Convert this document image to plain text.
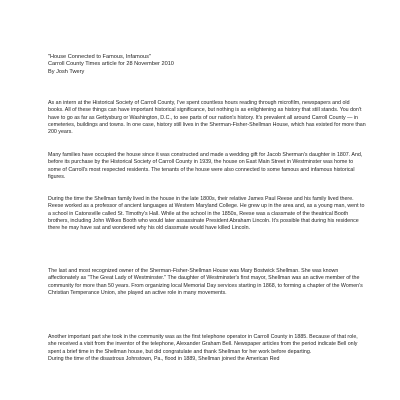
"House Connected to Famous, Infamous"
Carroll County Times article for 28 November 2010
By Josh Twery

As an intern at the Historical Society of Carroll County, I've spent countless hours reading through microfilm, newspapers and old books. All of these things can have important historical significance, but nothing is as enlightening as history that still stands. You don't have to go as far as Gettysburg or Washington, D.C., to see parts of our nation's history. It's prevalent all around Carroll County — in cemeteries, buildings and towns. In one case, history still lives in the Sherman-Fisher-Shellman House, which has existed for more than 200 years.

Many families have occupied the house since it was constructed and made a wedding gift for Jacob Sherman's daughter in 1807. And, before its purchase by the Historical Society of Carroll County in 1939, the house on East Main Street in Westminster was home to some of Carroll's most respected residents. The tenants of the house were also connected to some famous and infamous historical figures.

During the time the Shellman family lived in the house in the late 1800s, their relative James Paul Reese and his family lived there. Reese worked as a professor of ancient languages at Western Maryland College. He grew up in the area and, as a young man, went to a school in Catonsville called St. Timothy's Hall. While at the school in the 1850s, Reese was a classmate of the theatrical Booth brothers, including John Wilkes Booth who would later assassinate President Abraham Lincoln. It's possible that during his residence there he may have sat and wondered why his old classmate would have killed Lincoln.

The last and most recognized owner of the Sherman-Fisher-Shellman House was Mary Bostwick Shellman. She was known affectionately as "The Great Lady of Westminster." The daughter of Westminster's first mayor, Shellman was an active member of the community for more than 50 years. From organizing local Memorial Day services starting in 1868, to forming a chapter of the Women's Christian Temperance Union, she played an active role in many movements.

Another important part she took in the community was as the first telephone operator in Carroll County in 1885. Because of that role, she received a visit from the inventor of the telephone, Alexander Graham Bell. Newspaper articles from the period indicate Bell only spent a brief time in the Shellman house, but did congratulate and thank Shellman for her work before departing.
During the time of the disastrous Johnstown, Pa., flood in 1889, Shellman joined the American Red
